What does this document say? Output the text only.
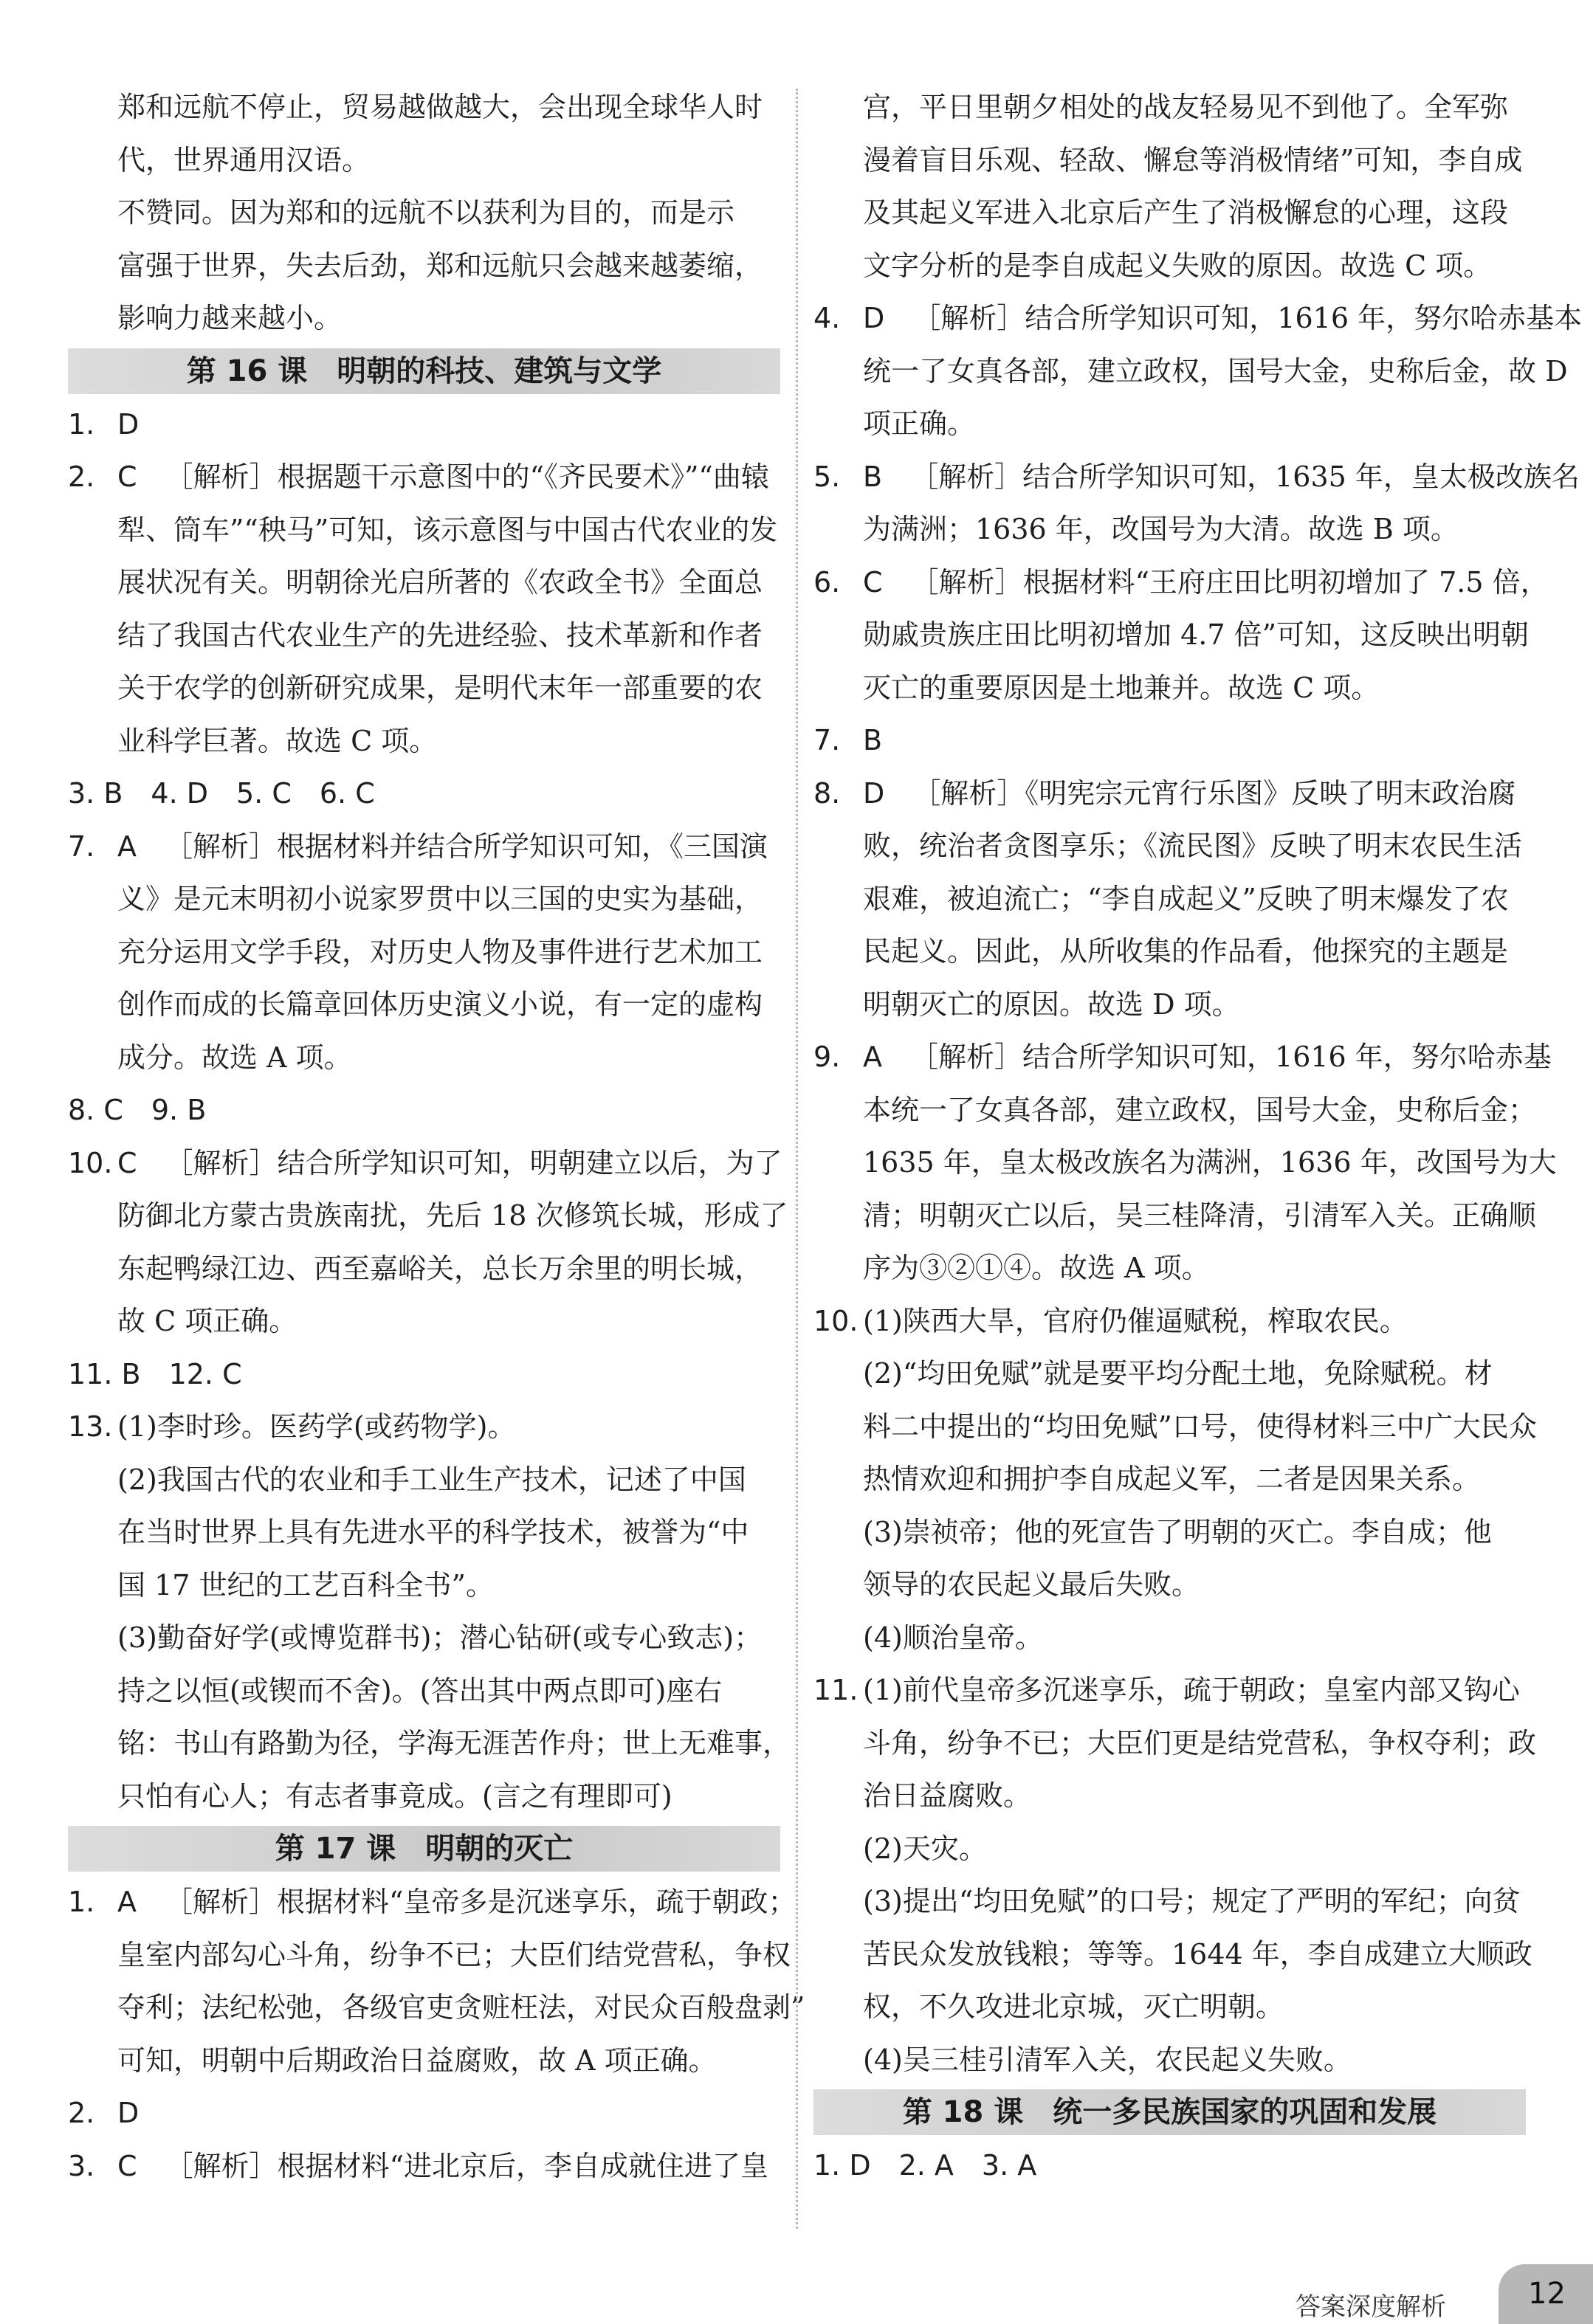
郑和远航不停止，贸易越做越大，会出现全球华人时
代，世界通用汉语。
不赞同。因为郑和的远航不以获利为目的，而是示
富强于世界，失去后劲，郑和远航只会越来越萎缩，
影响力越来越小。
第 16 课　明朝的科技、建筑与文学
1. D 
2. C  ［解析］根据题干示意图中的“《齐民要术》”“曲辕
犁、筒车”“秧马”可知，该示意图与中国古代农业的发
展状况有关。明朝徐光启所著的《农政全书》全面总
结了我国古代农业生产的先进经验、技术革新和作者
关于农学的创新研究成果，是明代末年一部重要的农
业科学巨著。故选 C 项。
3. B　4. D　5. C　6. C
7. A  ［解析］根据材料并结合所学知识可知，《三国演
义》是元末明初小说家罗贯中以三国的史实为基础，
充分运用文学手段，对历史人物及事件进行艺术加工
创作而成的长篇章回体历史演义小说，有一定的虚构
成分。故选 A 项。
8. C　9. B
10. C  ［解析］结合所学知识可知，明朝建立以后，为了
防御北方蒙古贵族南扰，先后 18 次修筑长城，形成了
东起鸭绿江边、西至嘉峪关，总长万余里的明长城，
故 C 项正确。
11. B　12. C
13. (1)李时珍。医药学(或药物学)。
(2)我国古代的农业和手工业生产技术，记述了中国
在当时世界上具有先进水平的科学技术，被誉为“中
国 17 世纪的工艺百科全书”。
(3)勤奋好学(或博览群书)；潜心钻研(或专心致志)；
持之以恒(或锲而不舍)。(答出其中两点即可)座右
铭：书山有路勤为径，学海无涯苦作舟；世上无难事，
只怕有心人；有志者事竟成。(言之有理即可)
第 17 课　明朝的灭亡
1. A  ［解析］根据材料“皇帝多是沉迷享乐，疏于朝政；
皇室内部勾心斗角，纷争不已；大臣们结党营私，争权
夺利；法纪松弛，各级官吏贪赃枉法，对民众百般盘剥”
可知，明朝中后期政治日益腐败，故 A 项正确。
2. D 
3. C  ［解析］根据材料“进北京后，李自成就住进了皇
宫，平日里朝夕相处的战友轻易见不到他了。全军弥
漫着盲目乐观、轻敌、懈怠等消极情绪”可知，李自成
及其起义军进入北京后产生了消极懈怠的心理，这段
文字分析的是李自成起义失败的原因。故选 C 项。
4. D  ［解析］结合所学知识可知，1616 年，努尔哈赤基本
统一了女真各部，建立政权，国号大金，史称后金，故 D
项正确。
5. B  ［解析］结合所学知识可知，1635 年，皇太极改族名
为满洲；1636 年，改国号为大清。故选 B 项。
6. C  ［解析］根据材料“王府庄田比明初增加了 7.5 倍，
勋戚贵族庄田比明初增加 4.7 倍”可知，这反映出明朝
灭亡的重要原因是土地兼并。故选 C 项。
7. B 
8. D  ［解析］《明宪宗元宵行乐图》反映了明末政治腐
败，统治者贪图享乐；《流民图》反映了明末农民生活
艰难，被迫流亡；“李自成起义”反映了明末爆发了农
民起义。因此，从所收集的作品看，他探究的主题是
明朝灭亡的原因。故选 D 项。
9. A  ［解析］结合所学知识可知，1616 年，努尔哈赤基
本统一了女真各部，建立政权，国号大金，史称后金；
1635 年，皇太极改族名为满洲，1636 年，改国号为大
清；明朝灭亡以后，吴三桂降清，引清军入关。正确顺
序为③②①④。故选 A 项。
10. (1)陕西大旱，官府仍催逼赋税，榨取农民。
(2)“均田免赋”就是要平均分配土地，免除赋税。材
料二中提出的“均田免赋”口号，使得材料三中广大民众
热情欢迎和拥护李自成起义军，二者是因果关系。
(3)崇祯帝；他的死宣告了明朝的灭亡。李自成；他
领导的农民起义最后失败。
(4)顺治皇帝。
11. (1)前代皇帝多沉迷享乐，疏于朝政；皇室内部又钩心
斗角，纷争不已；大臣们更是结党营私，争权夺利；政
治日益腐败。
(2)天灾。
(3)提出“均田免赋”的口号；规定了严明的军纪；向贫
苦民众发放钱粮；等等。1644 年，李自成建立大顺政
权，不久攻进北京城，灭亡明朝。
(4)吴三桂引清军入关，农民起义失败。
第 18 课　统一多民族国家的巩固和发展
1. D　2. A　3. A
答案深度解析	12
